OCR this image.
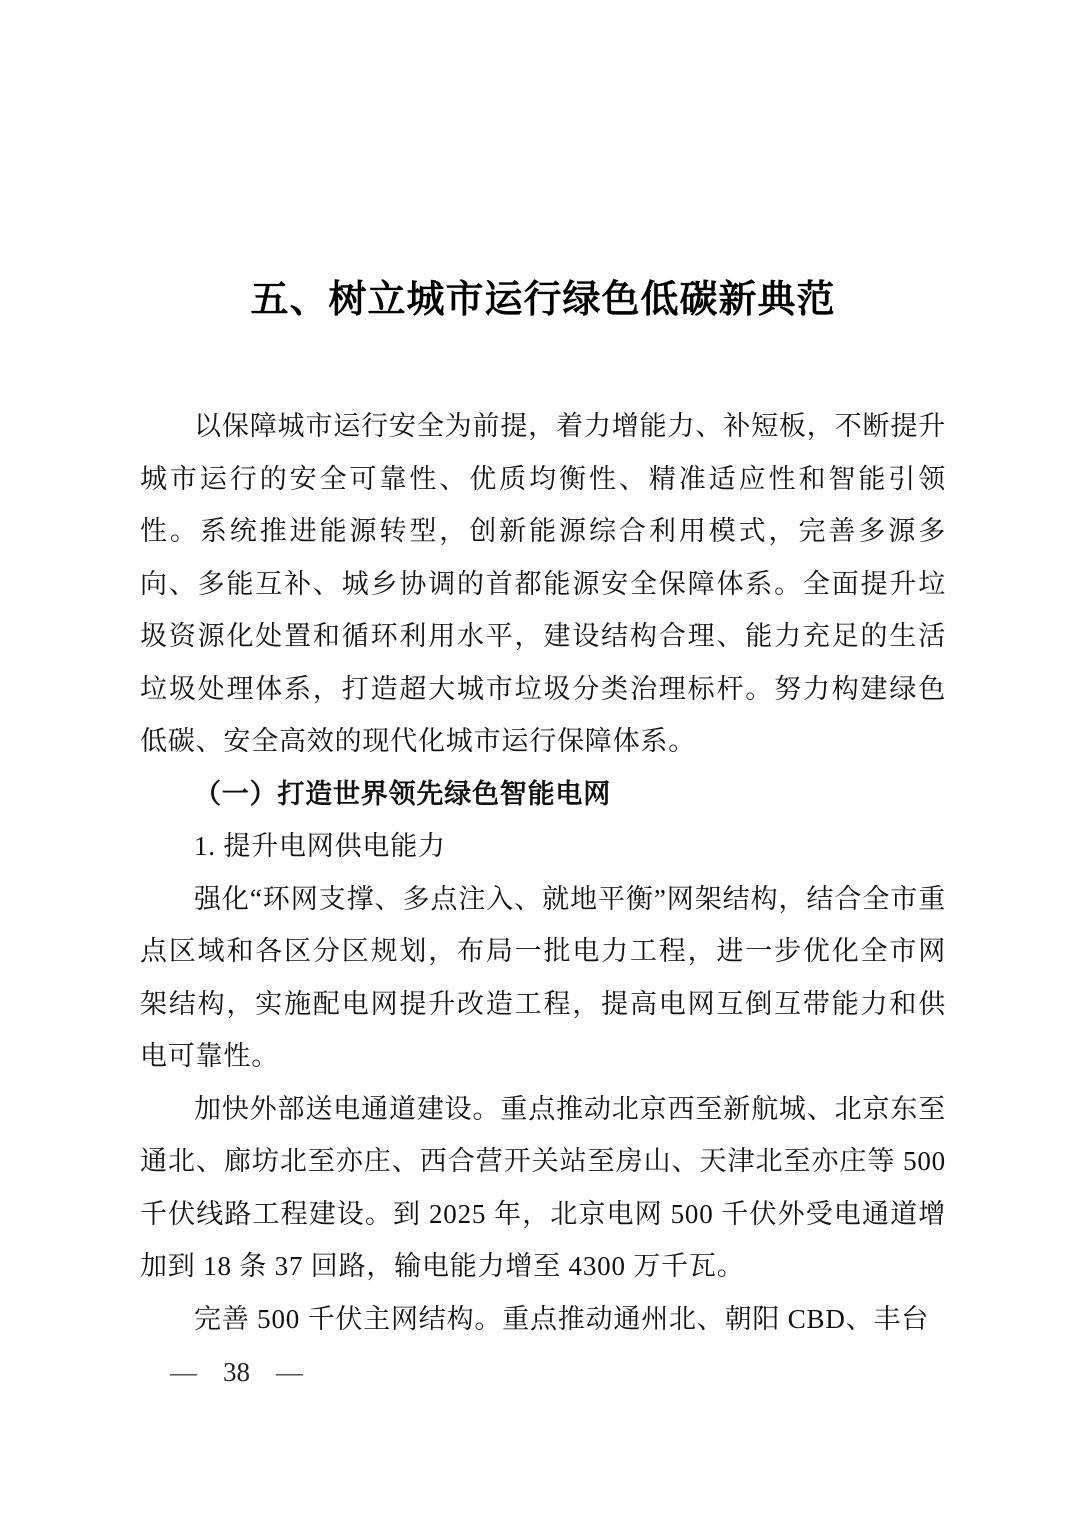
五、树立城市运行绿色低碳新典范

以保障城市运行安全为前提，着力增能力、补短板，不断提升城市运行的安全可靠性、优质均衡性、精准适应性和智能引领性。系统推进能源转型，创新能源综合利用模式，完善多源多向、多能互补、城乡协调的首都能源安全保障体系。全面提升垃圾资源化处置和循环利用水平，建设结构合理、能力充足的生活垃圾处理体系，打造超大城市垃圾分类治理标杆。努力构建绿色低碳、安全高效的现代化城市运行保障体系。

（一）打造世界领先绿色智能电网

1. 提升电网供电能力

强化“环网支撑、多点注入、就地平衡”网架结构，结合全市重点区域和各区分区规划，布局一批电力工程，进一步优化全市网架结构，实施配电网提升改造工程，提高电网互倒互带能力和供电可靠性。

加快外部送电通道建设。重点推动北京西至新航城、北京东至通北、廊坊北至亦庄、西合营开关站至房山、天津北至亦庄等 500 千伏线路工程建设。到 2025 年，北京电网 500 千伏外受电通道增加到 18 条 37 回路，输电能力增至 4300 万千瓦。

完善 500 千伏主网结构。重点推动通州北、朝阳 CBD、丰台

— 38 —
